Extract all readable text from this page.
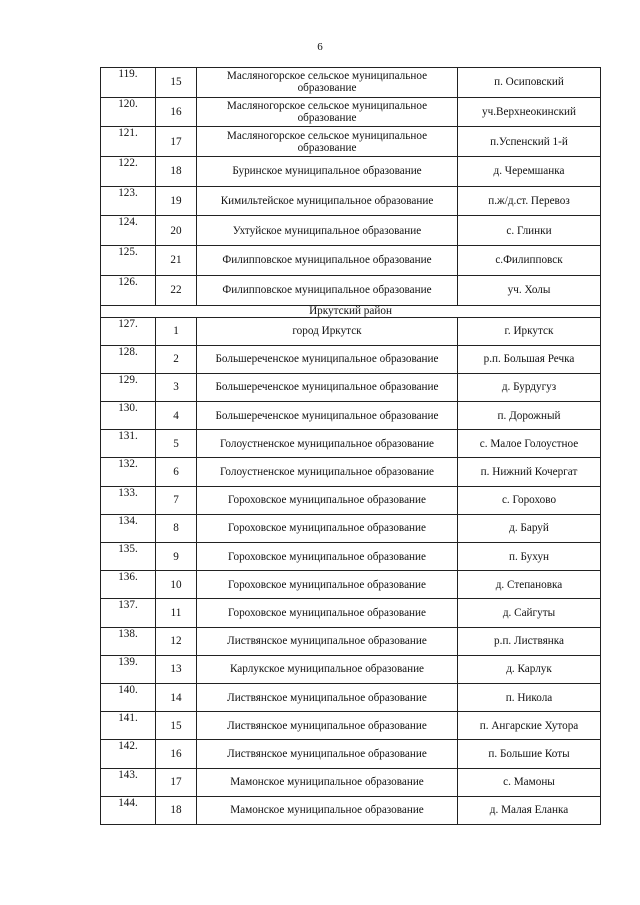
6
119.	15	Масляногорское сельское муниципальное образование	п. Осиповский
120.	16	Масляногорское сельское муниципальное образование	уч.Верхнеокинский
121.	17	Масляногорское сельское муниципальное образование	п.Успенский 1-й
122.	18	Буринское муниципальное образование	д. Черемшанка
123.	19	Кимильтейское муниципальное образование	п.ж/д.ст. Перевоз
124.	20	Ухтуйское муниципальное образование	с. Глинки
125.	21	Филипповское муниципальное образование	с.Филипповск
126.	22	Филипповское муниципальное образование	уч. Холы
Иркутский район			
127.	1	город Иркутск	г. Иркутск
128.	2	Большереченское муниципальное образование	р.п. Большая Речка
129.	3	Большереченское муниципальное образование	д. Бурдугуз
130.	4	Большереченское муниципальное образование	п. Дорожный
131.	5	Голоустненское муниципальное образование	с. Малое Голоустное
132.	6	Голоустненское муниципальное образование	п. Нижний Кочергат
133.	7	Гороховское муниципальное образование	с. Горохово
134.	8	Гороховское муниципальное образование	д. Баруй
135.	9	Гороховское муниципальное образование	п. Бухун
136.	10	Гороховское муниципальное образование	д. Степановка
137.	11	Гороховское муниципальное образование	д. Сайгуты
138.	12	Листвянское муниципальное образование	р.п. Листвянка
139.	13	Карлукское муниципальное образование	д. Карлук
140.	14	Листвянское муниципальное образование	п. Никола
141.	15	Листвянское муниципальное образование	п. Ангарские Хутора
142.	16	Листвянское муниципальное образование	п. Большие Коты
143.	17	Мамонское муниципальное образование	с. Мамоны
144.	18	Мамонское муниципальное образование	д. Малая Еланка
